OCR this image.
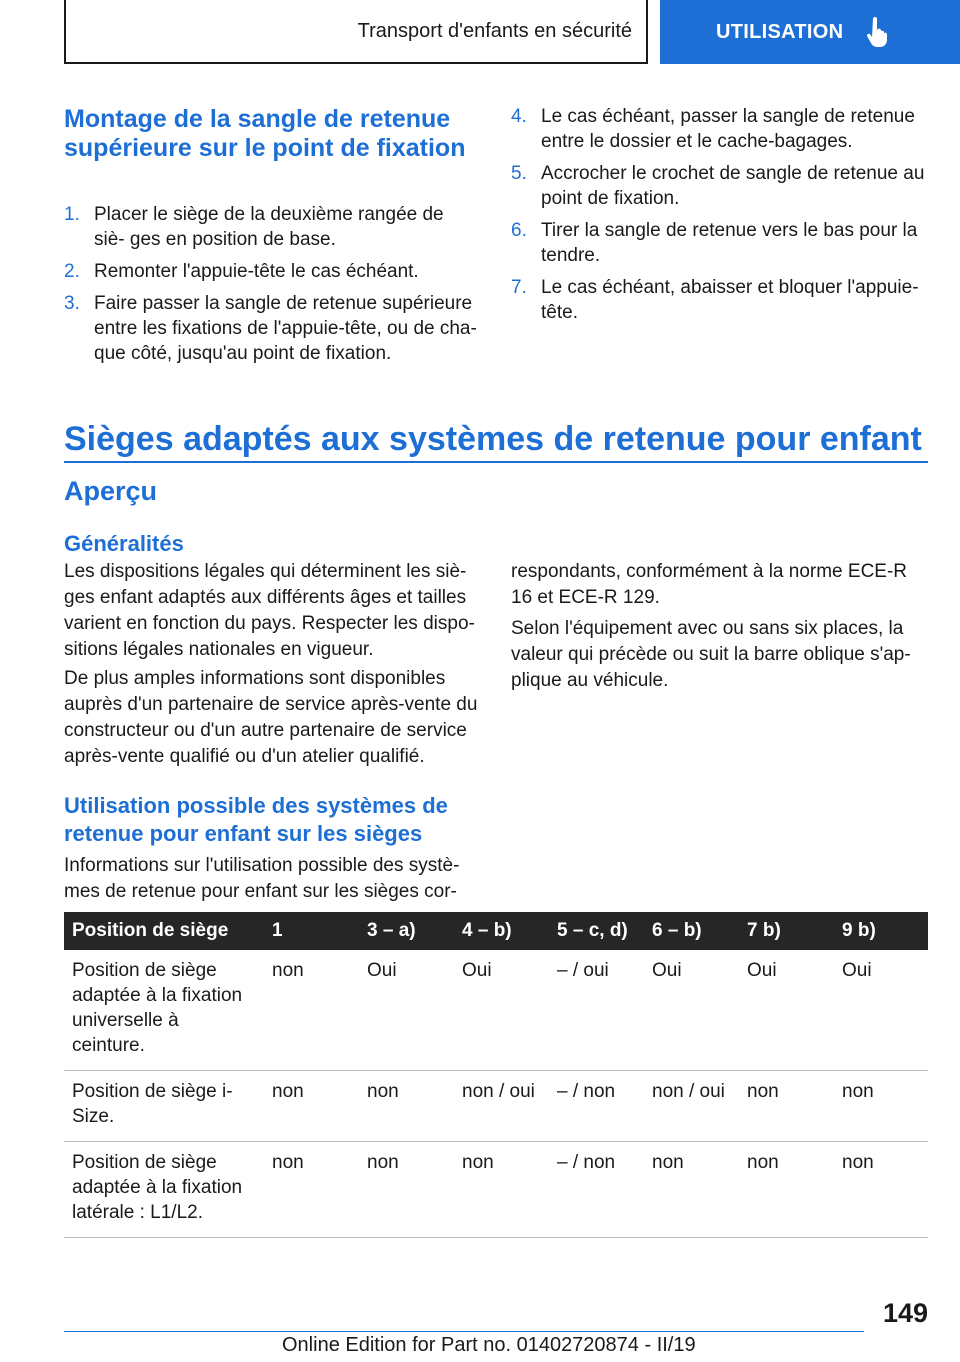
Transport d'enfants en sécurité	UTILISATION
Montage de la sangle de retenue supérieure sur le point de fixation
1. Placer le siège de la deuxième rangée de siè‐ ges en position de base.
2. Remonter l'appuie-tête le cas échéant.
3. Faire passer la sangle de retenue supérieure entre les fixations de l'appuie-tête, ou de cha‐ que côté, jusqu'au point de fixation.
4. Le cas échéant, passer la sangle de retenue entre le dossier et le cache-bagages.
5. Accrocher le crochet de sangle de retenue au point de fixation.
6. Tirer la sangle de retenue vers le bas pour la tendre.
7. Le cas échéant, abaisser et bloquer l'appuie- tête.
Sièges adaptés aux systèmes de retenue pour enfant
Aperçu
Généralités

Les dispositions légales qui déterminent les siè‐ ges enfant adaptés aux différents âges et tailles varient en fonction du pays. Respecter les dispo‐ sitions légales nationales en vigueur.

De plus amples informations sont disponibles auprès d'un partenaire de service après-vente du constructeur ou d'un autre partenaire de service après-vente qualifié ou d'un atelier qualifié.

Utilisation possible des systèmes de retenue pour enfant sur les sièges

Informations sur l'utilisation possible des systè‐ mes de retenue pour enfant sur les sièges cor‐

respondants, conformément à la norme ECE-R 16 et ECE-R 129.

Selon l'équipement avec ou sans six places, la valeur qui précède ou suit la barre oblique s'ap‐ plique au véhicule.

Position de siège	1	3 – a)	4 – b)	5 – c, d)	6 – b)	7 b)	9 b)
Position de siège adaptée à la fixation universelle à ceinture.	non	Oui	Oui	– / oui	Oui	Oui	Oui
Position de siège i-Size.	non	non	non / oui	– / non	non / oui	non	non
Position de siège adaptée à la fixation latérale : L1/L2.	non	non	non	– / non	non	non	non
149
Online Edition for Part no. 01402720874 - II/19
